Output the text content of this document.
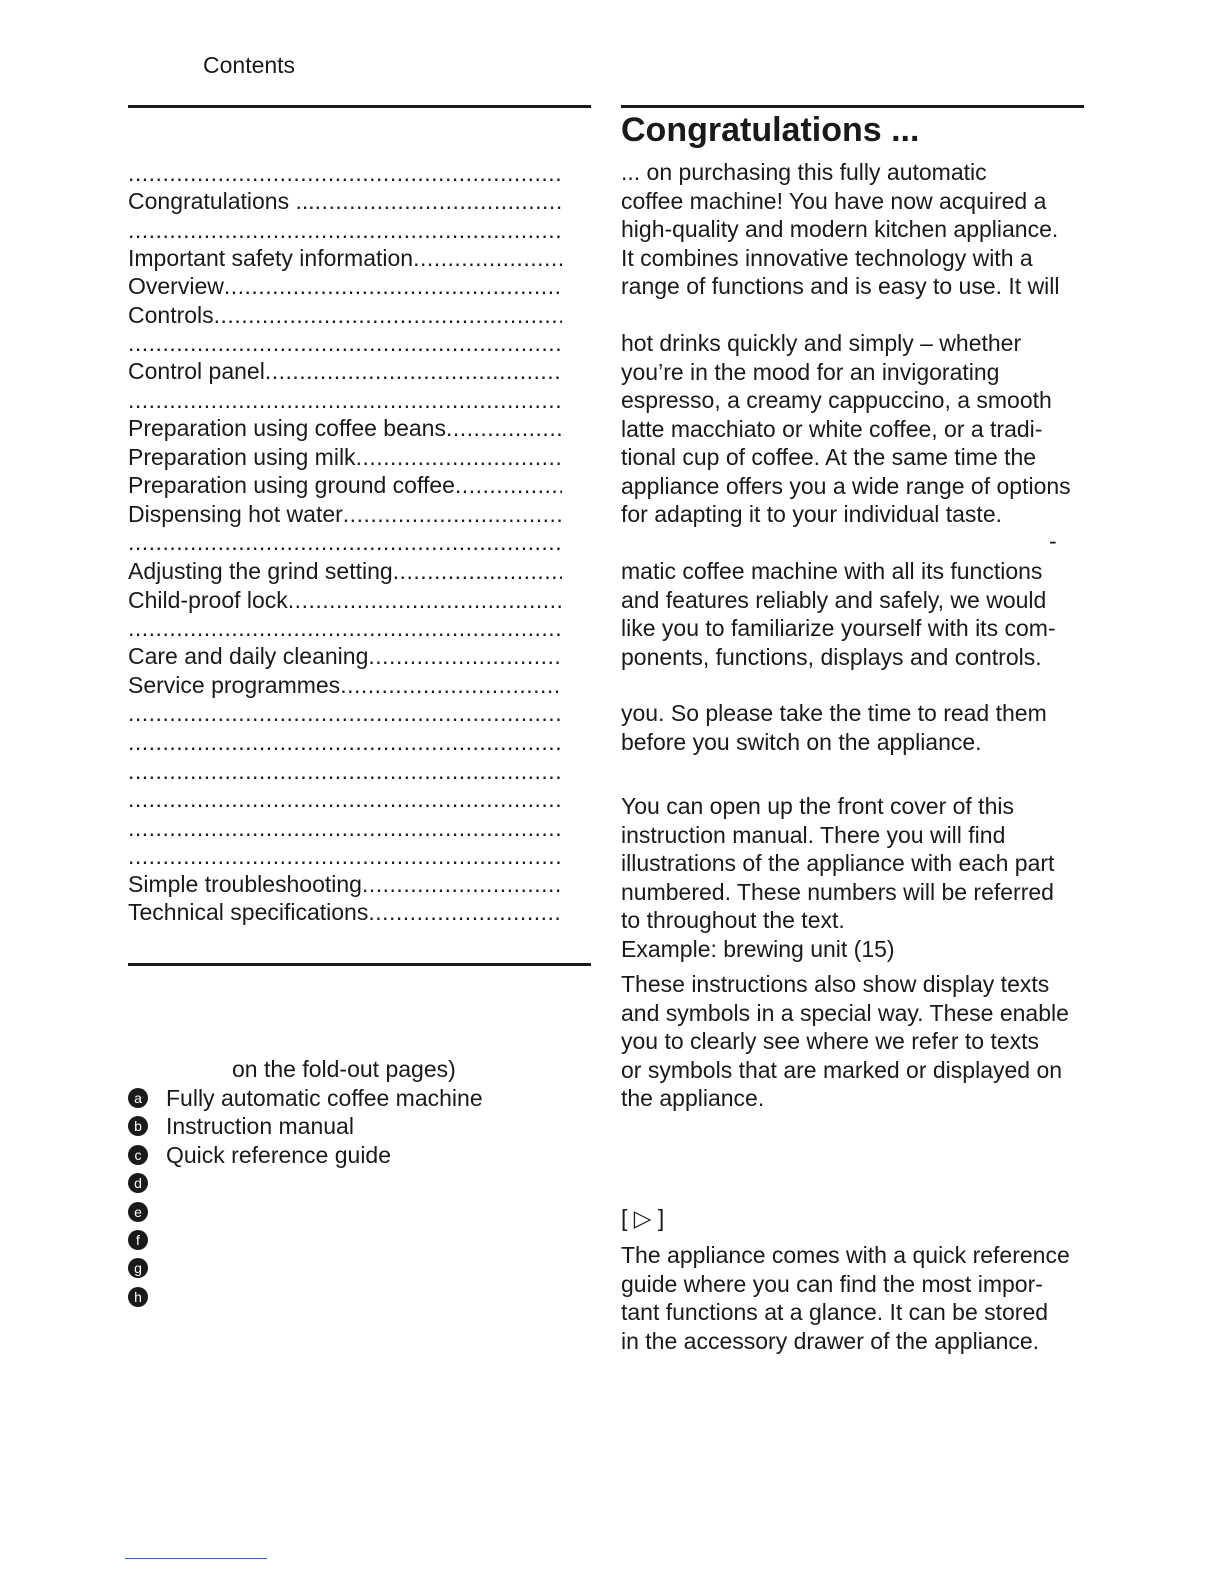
Contents
.....
Congratulations ...
.....
.....
Important safety information
.....
Overview
.....
Controls
.....
.....
Control panel
.....
.....
Preparation using coffee beans
.....
Preparation using milk
.....
Preparation using ground coffee
.....
Dispensing hot water
.....
.....
Adjusting the grind setting
.....
Child-proof lock
.....
.....
Care and daily cleaning
.....
Service programmes
.....
.....
.....
.....
.....
.....
.....
Simple troubleshooting
.....
Technical specifications
.....
on the fold-out pages)
a Fully automatic coffee machine
b Instruction manual
c Quick reference guide
d
e
f
g
h
Congratulations ...
... on purchasing this fully automatic
coffee machine! You have now acquired a
high-quality and modern kitchen appliance.
It combines innovative technology with a
range of functions and is easy to use. It will
hot drinks quickly and simply – whether
you’re in the mood for an invigorating
espresso, a creamy cappuccino, a smooth
latte macchiato or white coffee, or a tradi-
tional cup of coffee. At the same time the
appliance offers you a wide range of options
for adapting it to your individual taste.
-
matic coffee machine with all its functions
and features reliably and safely, we would
like you to familiarize yourself with its com-
ponents, functions, displays and controls.
you. So please take the time to read them
before you switch on the appliance.
You can open up the front cover of this
instruction manual. There you will find
illustrations of the appliance with each part
numbered. These numbers will be referred
to throughout the text.
Example: brewing unit (15)
These instructions also show display texts
and symbols in a special way. These enable
you to clearly see where we refer to texts
or symbols that are marked or displayed on
the appliance.
[ ▷ ]
The appliance comes with a quick reference
guide where you can find the most impor-
tant functions at a glance. It can be stored
in the accessory drawer of the appliance.
